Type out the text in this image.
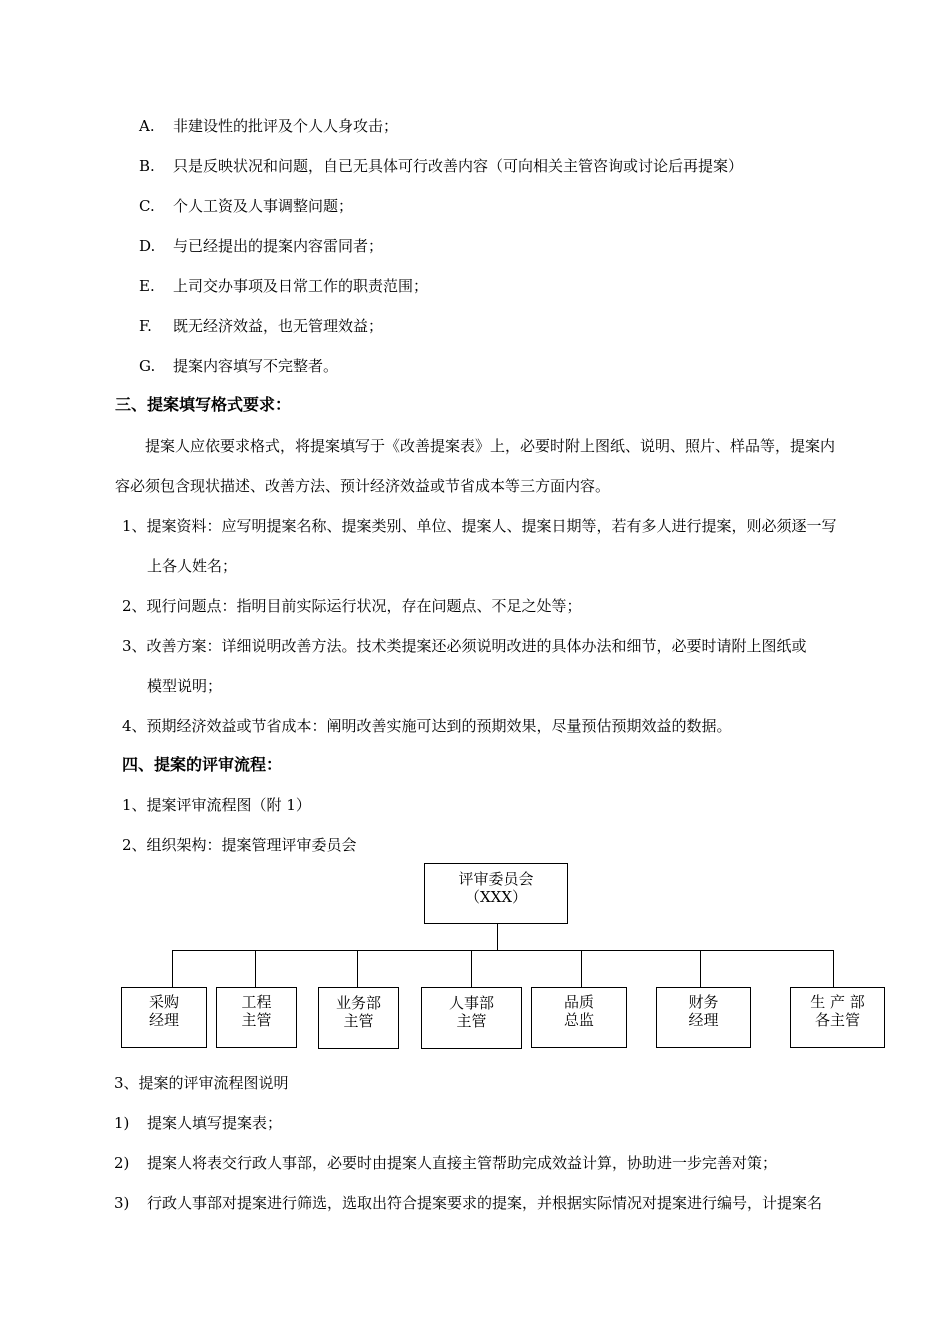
A. 非建设性的批评及个人人身攻击；
B. 只是反映状况和问题，自已无具体可行改善内容（可向相关主管咨询或讨论后再提案）
C. 个人工资及人事调整问题；
D. 与已经提出的提案内容雷同者；
E. 上司交办事项及日常工作的职责范围；
F. 既无经济效益，也无管理效益；
G. 提案内容填写不完整者。
三、提案填写格式要求：
提案人应依要求格式，将提案填写于《改善提案表》上，必要时附上图纸、说明、照片、样品等，提案内
容必须包含现状描述、改善方法、预计经济效益或节省成本等三方面内容。
1、提案资料：应写明提案名称、提案类别、单位、提案人、提案日期等，若有多人进行提案，则必须逐一写
上各人姓名；
2、现行问题点：指明目前实际运行状况，存在问题点、不足之处等；
3、改善方案：详细说明改善方法。技术类提案还必须说明改进的具体办法和细节，必要时请附上图纸或
模型说明；
4、预期经济效益或节省成本：阐明改善实施可达到的预期效果，尽量预估预期效益的数据。
四、提案的评审流程：
1、提案评审流程图（附 1）
2、组织架构：提案管理评审委员会
评审委员会
（XXX）
采购
经理
工程
主管
业务部
主管
人事部
主管
品质
总监
财务
经理
生 产 部
各主管
3、提案的评审流程图说明
1) 提案人填写提案表；
2) 提案人将表交行政人事部，必要时由提案人直接主管帮助完成效益计算，协助进一步完善对策；
3) 行政人事部对提案进行筛选，选取出符合提案要求的提案，并根据实际情况对提案进行编号，计提案名
